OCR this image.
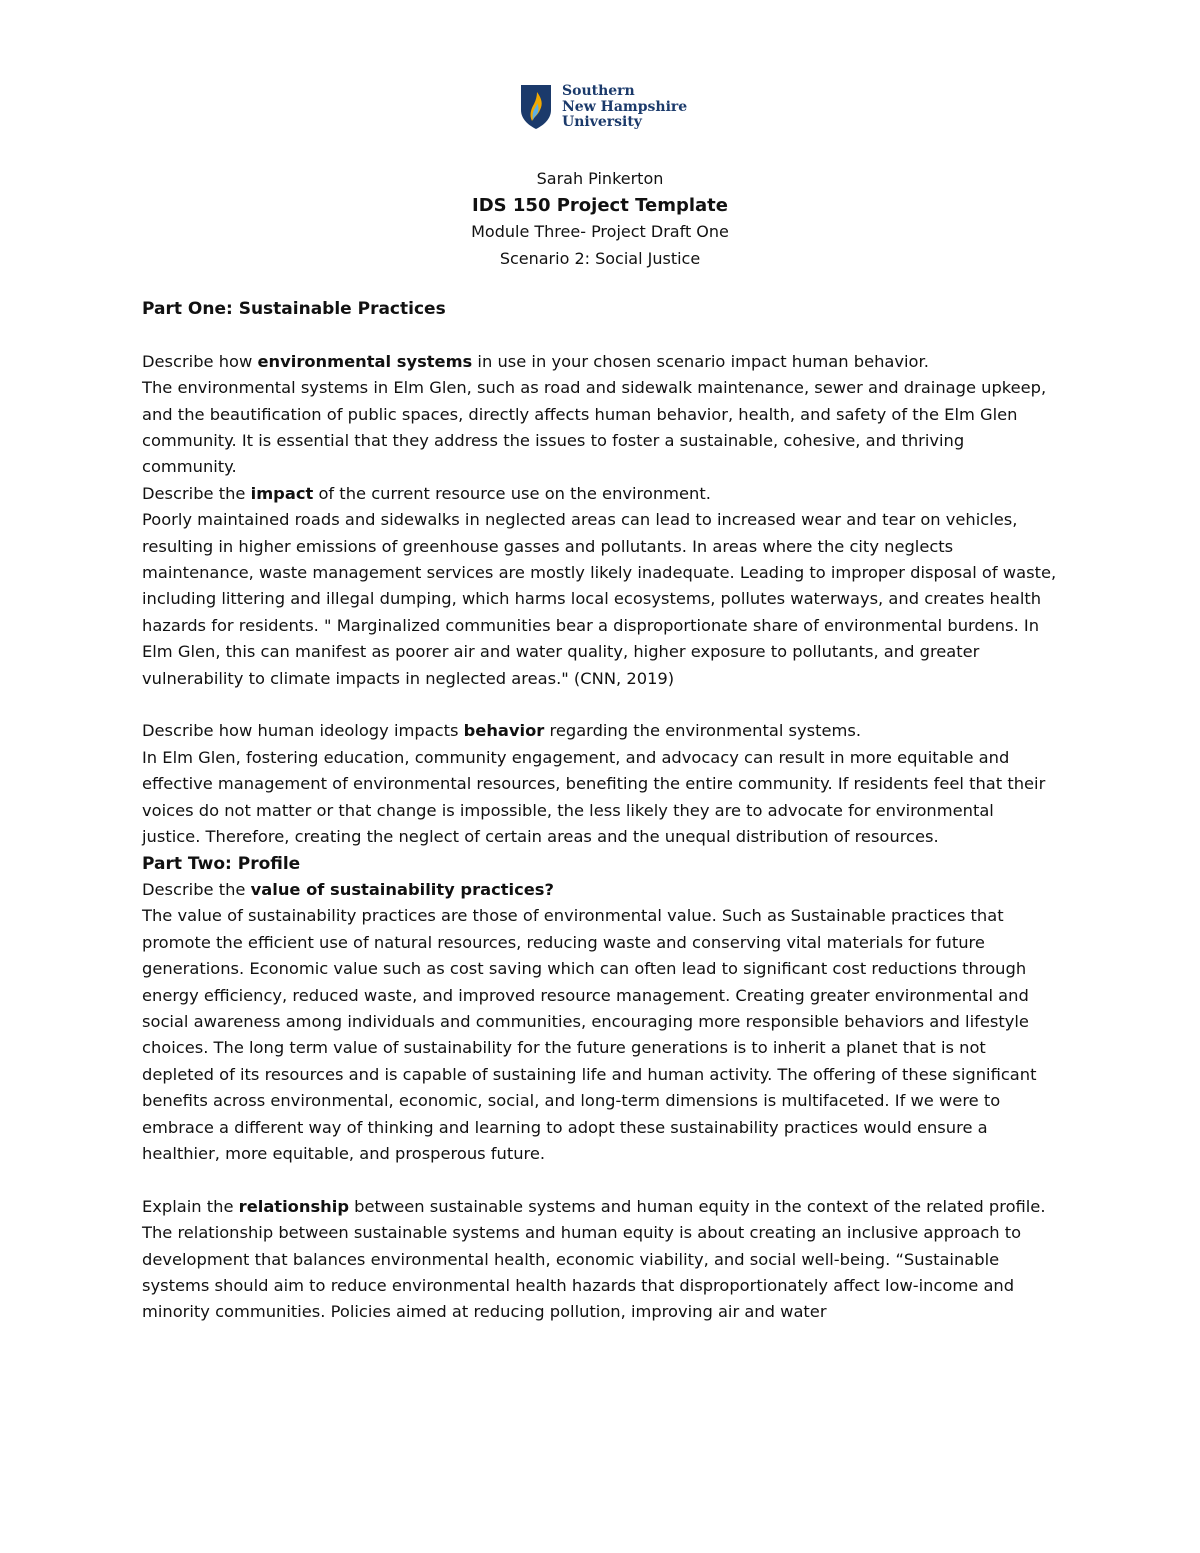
Southern
New Hampshire
University
Sarah Pinkerton
IDS 150 Project Template
Module Three- Project Draft One
Scenario 2: Social Justice

Part One: Sustainable Practices

Describe how environmental systems in use in your chosen scenario impact human behavior.

The environmental systems in Elm Glen, such as road and sidewalk maintenance, sewer and drainage upkeep, and the beautification of public spaces, directly affects human behavior, health, and safety of the Elm Glen community. It is essential that they address the issues to foster a sustainable, cohesive, and thriving community.

Describe the impact of the current resource use on the environment.

Poorly maintained roads and sidewalks in neglected areas can lead to increased wear and tear on vehicles, resulting in higher emissions of greenhouse gasses and pollutants. In areas where the city neglects maintenance, waste management services are mostly likely inadequate. Leading to improper disposal of waste, including littering and illegal dumping, which harms local ecosystems, pollutes waterways, and creates health hazards for residents. " Marginalized communities bear a disproportionate share of environmental burdens. In Elm Glen, this can manifest as poorer air and water quality, higher exposure to pollutants, and greater vulnerability to climate impacts in neglected areas." (CNN, 2019)

Describe how human ideology impacts behavior regarding the environmental systems.

In Elm Glen, fostering education, community engagement, and advocacy can result in more equitable and effective management of environmental resources, benefiting the entire community. If residents feel that their voices do not matter or that change is impossible, the less likely they are to advocate for environmental justice. Therefore, creating the neglect of certain areas and the unequal distribution of resources.

Part Two: Profile

Describe the value of sustainability practices?

The value of sustainability practices are those of environmental value. Such as Sustainable practices that promote the efficient use of natural resources, reducing waste and conserving vital materials for future generations. Economic value such as cost saving which can often lead to significant cost reductions through energy efficiency, reduced waste, and improved resource management. Creating greater environmental and social awareness among individuals and communities, encouraging more responsible behaviors and lifestyle choices. The long term value of sustainability for the future generations is to inherit a planet that is not depleted of its resources and is capable of sustaining life and human activity. The offering of these significant benefits across environmental, economic, social, and long-term dimensions is multifaceted. If we were to embrace a different way of thinking and learning to adopt these sustainability practices would ensure a healthier, more equitable, and prosperous future.

Explain the relationship between sustainable systems and human equity in the context of the related profile.

The relationship between sustainable systems and human equity is about creating an inclusive approach to development that balances environmental health, economic viability, and social well-being. “Sustainable systems should aim to reduce environmental health hazards that disproportionately affect low-income and minority communities. Policies aimed at reducing pollution, improving air and water
